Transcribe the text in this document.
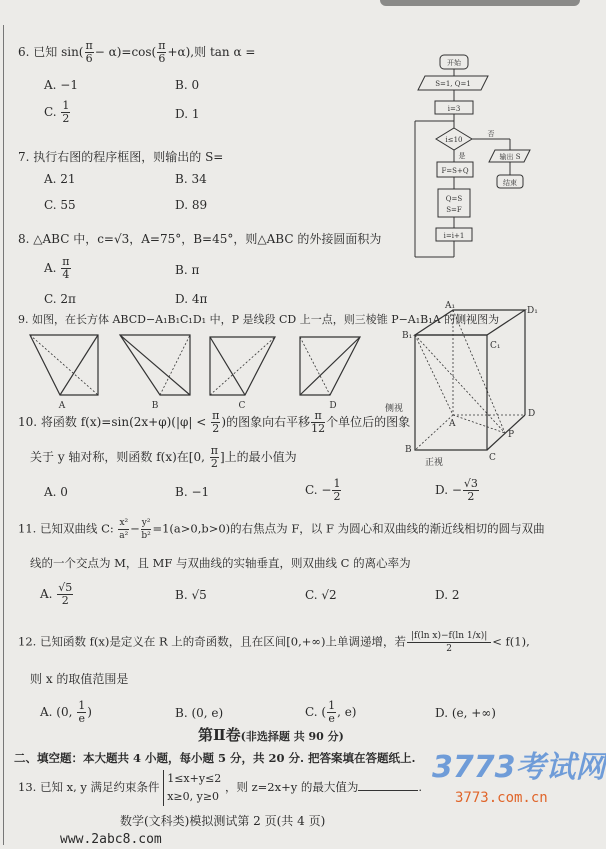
6. 已知 $\sin( \frac{\pi}{6} - \alpha)=\cos( \frac{\pi}{6} +\alpha)$,则 tan α =
A. −1	B. 0
C. $\frac{1}{2}$	D. 1
7. 执行右图的程序框图，则输出的 S=
A. 21	B. 34
C. 55	D. 89
8. △ABC 中，c=√3，A=75°，B=45°，则△ABC 的外接圆面积为
A. $\frac{\pi}{4}$	B. π
C. 2π	D. 4π
开始
S=1, Q=1
i=3
i≤10
否
是	输出 S
结束
F=S+Q
Q=S
S=F
i=i+1
9. 如图，在长方体 ABCD−A₁B₁C₁D₁ 中，P 是线段 CD 上一点，则三棱锥 P−A₁B₁A 的侧视图为
A	B	C	D
A₁	D₁
B₁
C₁
A
D
B
C
P
侧视
正视
10. 将函数 $f(x)=\sin(2x+\varphi)(|\varphi| < \frac{\pi}{2}$ )的图象向右平移 $\frac{\pi}{12}$ 个单位后的图象
关于 y 轴对称，则函数 f(x)在[0, $\frac{\pi}{2}$ ]上的最小值为
A. 0	B. −1	C. − $\frac{1}{2}$	D. − $\frac{√3}{2}$
11. 已知双曲线 C: $\frac{\text{x²}}{\text{a²}} - \frac{\text{y²}}{\text{b²}} =1(a>0,b>0)$的右焦点为 F，以 F 为圆心和双曲线的渐近线相切的圆与双曲
线的一个交点为 M，且 MF 与双曲线的实轴垂直，则双曲线 C 的离心率为
A. $\frac{√5}{2}$	B. √5	C. √2	D. 2
12. 已知函数 f(x)是定义在 R 上的奇函数，且在区间[0,+∞)上单调递增，若 $\frac{\text{|f(ln x)−f(ln 1/x)|}}{2} < f(1)$,
则 x 的取值范围是
A. (0, $\frac{1}{e}$ )	B. (0, e)	C. ( $\frac{1}{e}$ , e)	D. (e, +∞)
第Ⅱ卷(非选择题 共 90 分)
二、填空题：本大题共 4 小题，每小题 5 分，共 20 分. 把答案填在答题纸上.
13. 已知 x, y 满足约束条件
1≤x+y≤2
x≥0, y≥0
，则 z=2x+y 的最大值为	.
数学(文科类)模拟测试第 2 页(共 4 页)
www.2abc8.com
3773考试网
3773.com.cn
